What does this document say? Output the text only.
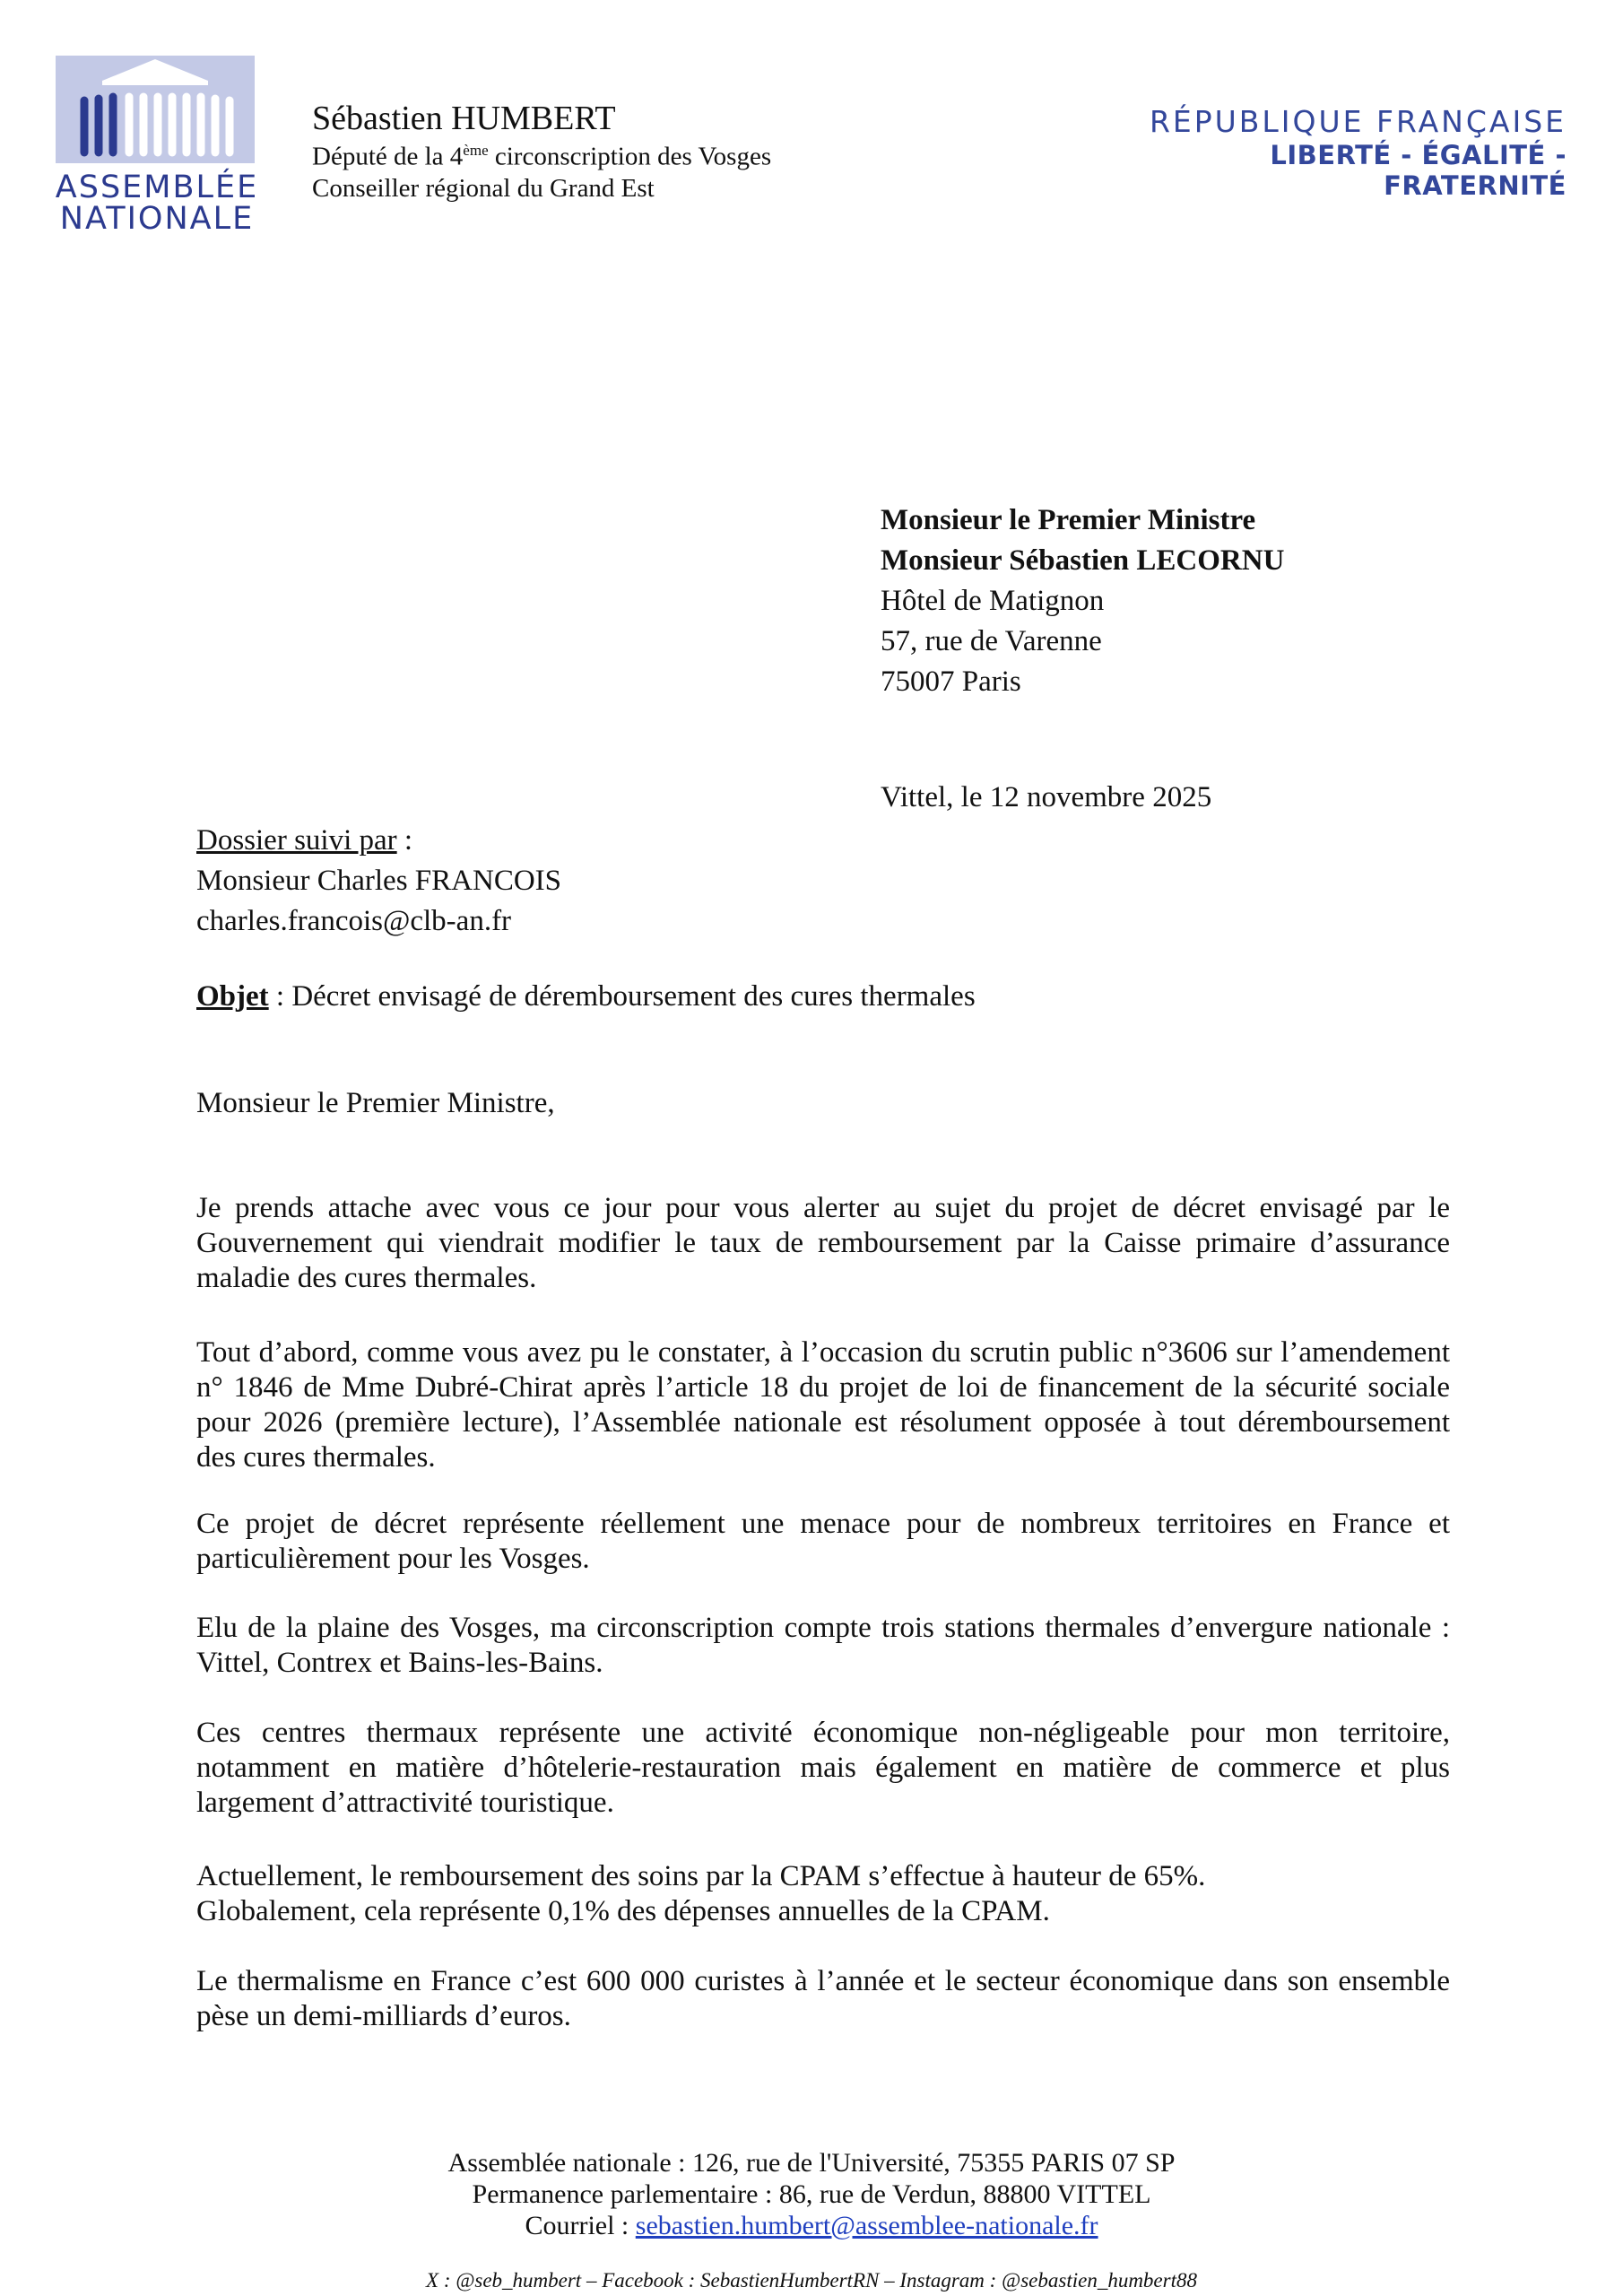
ASSEMBLÉE
NATIONALE
Sébastien HUMBERT
Député de la 4ème circonscription des Vosges
Conseiller régional du Grand Est
RÉPUBLIQUE FRANÇAISE
LIBERTÉ - ÉGALITÉ - FRATERNITÉ
Monsieur le Premier Ministre
Monsieur Sébastien LECORNU
Hôtel de Matignon
57, rue de Varenne
75007 Paris
Vittel, le 12 novembre 2025
Dossier suivi par :
Monsieur Charles FRANCOIS
charles.francois@clb-an.fr
Objet : Décret envisagé de déremboursement des cures thermales
Monsieur le Premier Ministre,
Je prends attache avec vous ce jour pour vous alerter au sujet du projet de décret envisagé par le
Gouvernement qui viendrait modifier le taux de remboursement par la Caisse primaire d’assurance
maladie des cures thermales.
Tout d’abord, comme vous avez pu le constater, à l’occasion du scrutin public n°3606 sur l’amendement
n° 1846 de Mme Dubré-Chirat après l’article 18 du projet de loi de financement de la sécurité sociale
pour 2026 (première lecture), l’Assemblée nationale est résolument opposée à tout déremboursement
des cures thermales.
Ce projet de décret représente réellement une menace pour de nombreux territoires en France et
particulièrement pour les Vosges.
Elu de la plaine des Vosges, ma circonscription compte trois stations thermales d’envergure nationale :
Vittel, Contrex et Bains-les-Bains.
Ces centres thermaux représente une activité économique non-négligeable pour mon territoire,
notamment en matière d’hôtelerie-restauration mais également en matière de commerce et plus
largement d’attractivité touristique.
Actuellement, le remboursement des soins par la CPAM s’effectue à hauteur de 65%.
Globalement, cela représente 0,1% des dépenses annuelles de la CPAM.
Le thermalisme en France c’est 600 000 curistes à l’année et le secteur économique dans son ensemble
pèse un demi-milliards d’euros.
Assemblée nationale : 126, rue de l'Université, 75355 PARIS 07 SP
Permanence parlementaire : 86, rue de Verdun, 88800 VITTEL
Courriel : sebastien.humbert@assemblee-nationale.fr
X : @seb_humbert – Facebook : SebastienHumbertRN – Instagram : @sebastien_humbert88
